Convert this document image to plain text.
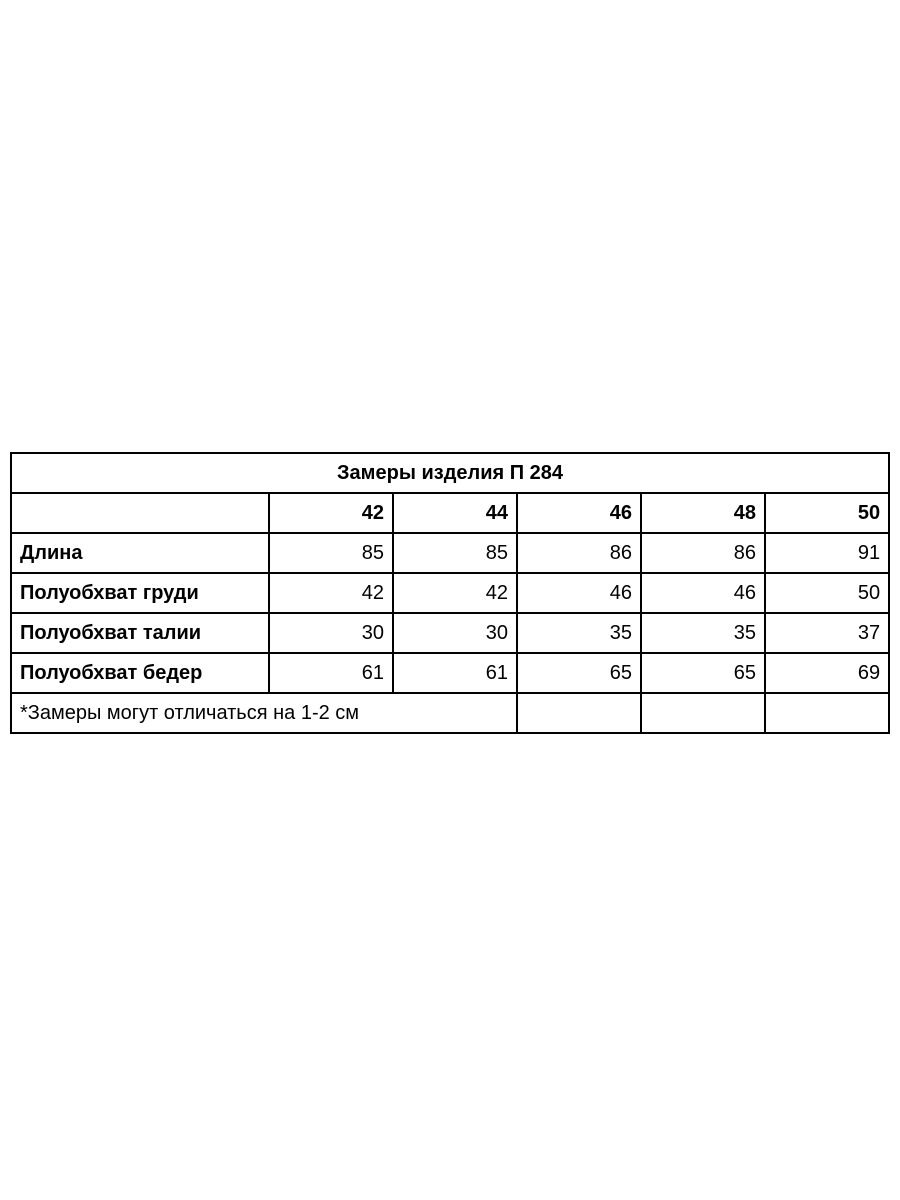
Замеры изделия П 284					
	42	44	46	48	50
Длина	85	85	86	86	91
Полуобхват груди	42	42	46	46	50
Полуобхват талии	30	30	35	35	37
Полуобхват бедер	61	61	65	65	69
*Замеры могут отличаться на 1-2 см					
